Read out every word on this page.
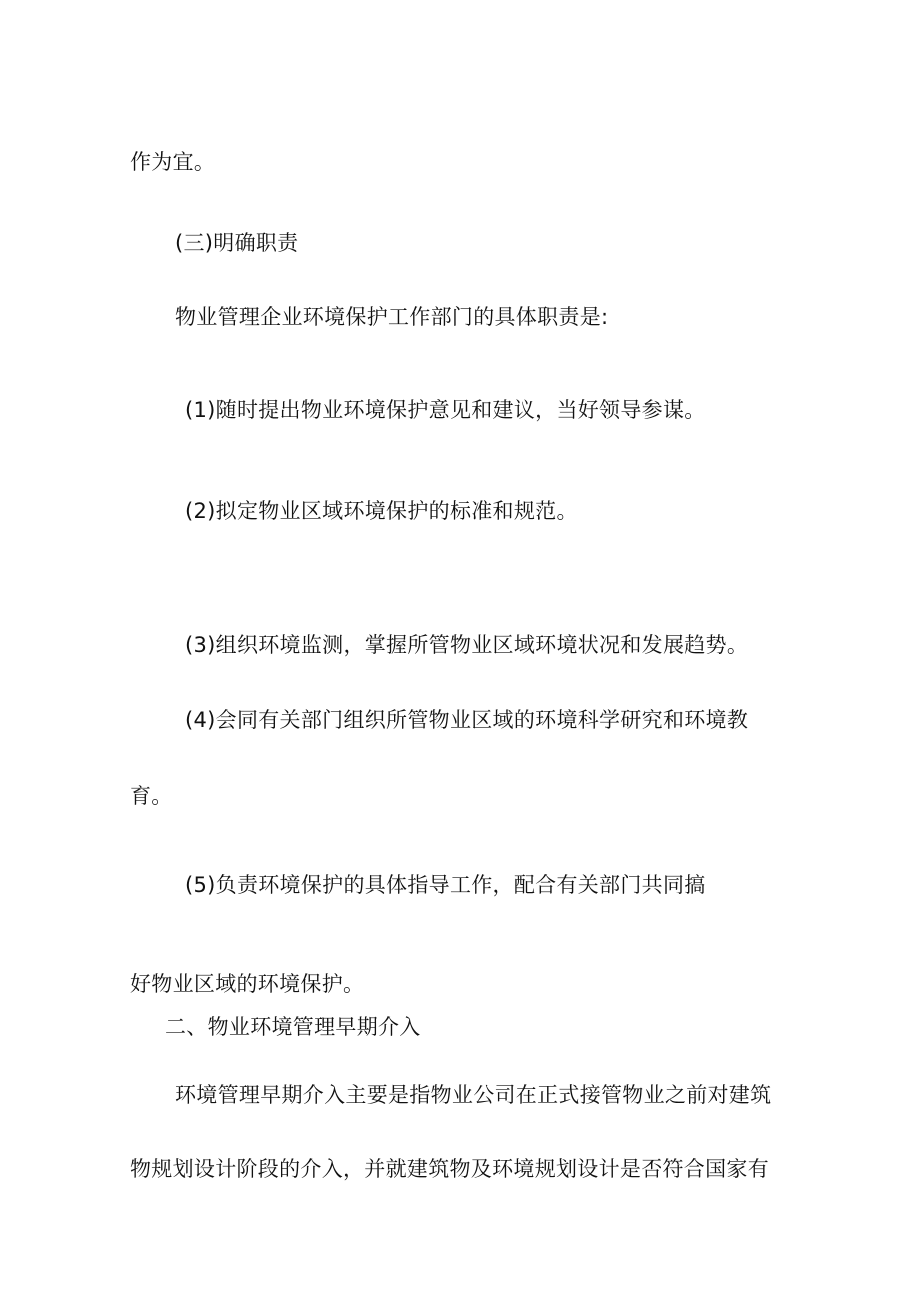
作为宜。
(三)明确职责
物业管理企业环境保护工作部门的具体职责是:
(1)随时提出物业环境保护意见和建议，当好领导参谋。
(2)拟定物业区域环境保护的标准和规范。
(3)组织环境监测，掌握所管物业区域环境状况和发展趋势。
(4)会同有关部门组织所管物业区域的环境科学研究和环境教
育。
(5)负责环境保护的具体指导工作，配合有关部门共同搞
好物业区域的环境保护。
二、物业环境管理早期介入
环境管理早期介入主要是指物业公司在正式接管物业之前对建筑
物规划设计阶段的介入，并就建筑物及环境规划设计是否符合国家有
